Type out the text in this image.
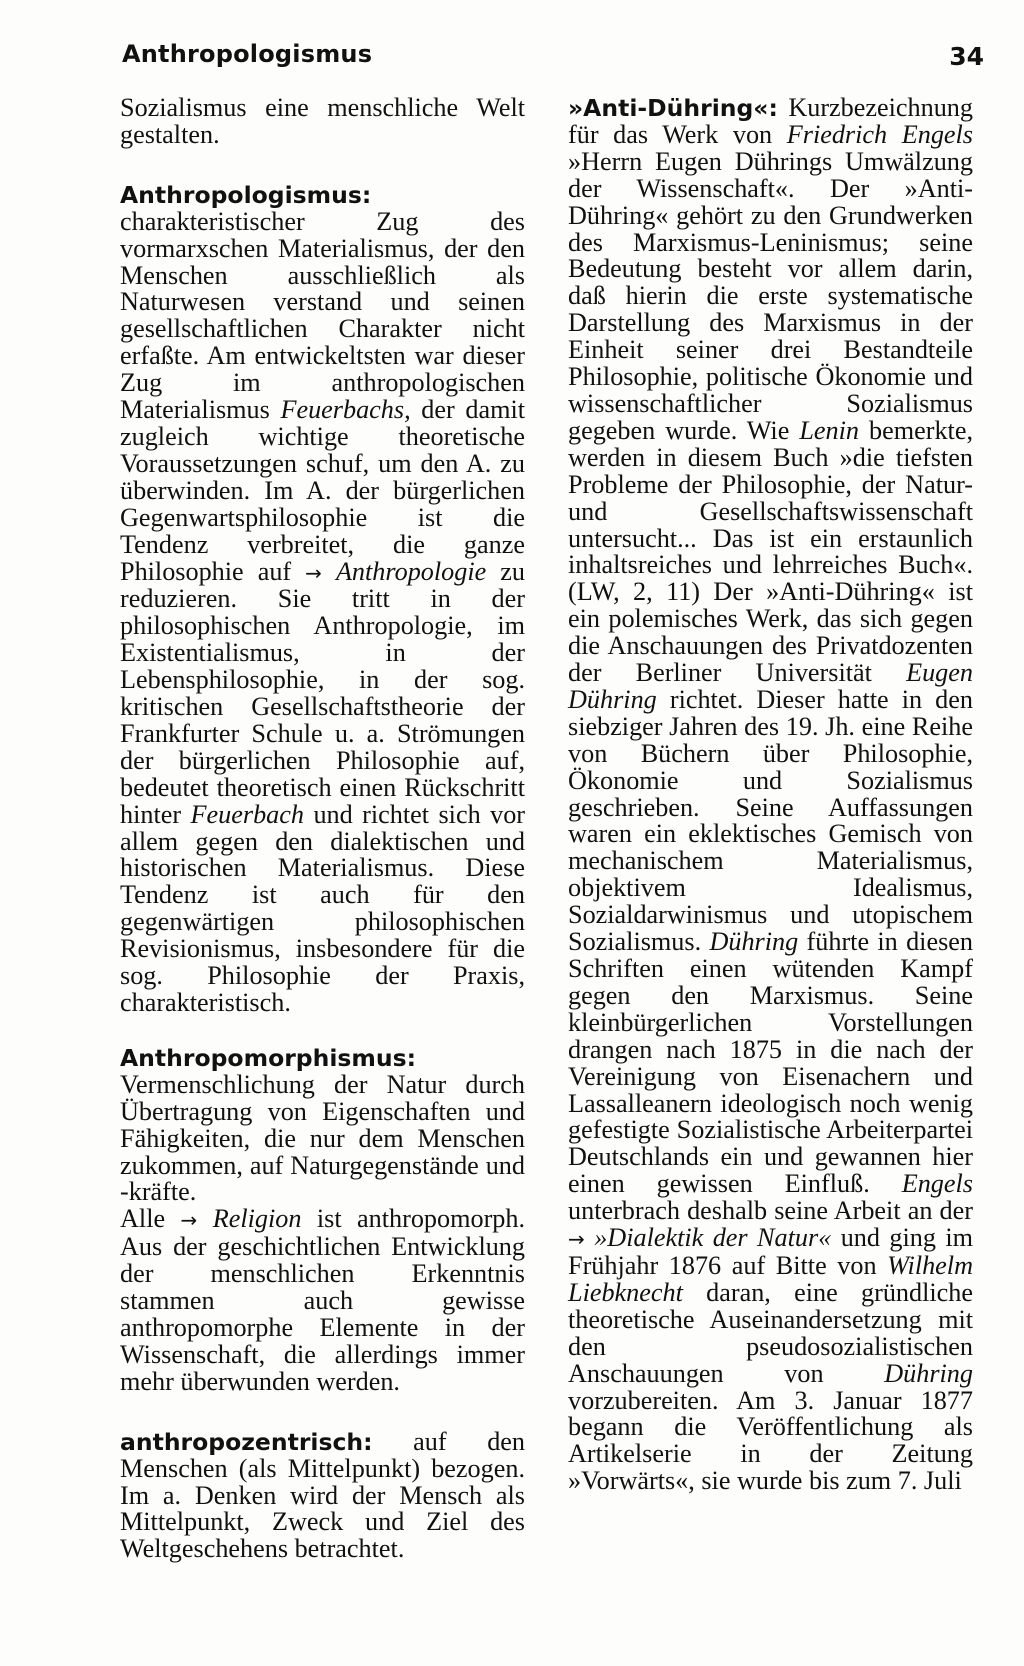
Anthropologismus	34

Sozialismus eine menschliche Welt gestalten.

Anthropologismus: charakteristischer Zug des vormarxschen Materialismus, der den Menschen ausschließlich als Naturwesen verstand und seinen gesellschaftlichen Charakter nicht erfaßte. Am entwickeltsten war dieser Zug im anthropologischen Materialismus Feuerbachs, der damit zugleich wichtige theoretische Voraussetzungen schuf, um den A. zu überwinden. Im A. der bürgerlichen Gegenwartsphilosophie ist die Tendenz verbreitet, die ganze Philosophie auf → Anthropologie zu reduzieren. Sie tritt in der philosophischen Anthropologie, im Existentialismus, in der Lebensphilosophie, in der sog. kritischen Gesellschaftstheorie der Frankfurter Schule u. a. Strömungen der bürgerlichen Philosophie auf, bedeutet theoretisch einen Rückschritt hinter Feuerbach und richtet sich vor allem gegen den dialektischen und historischen Materialismus. Diese Tendenz ist auch für den gegenwärtigen philosophischen Revisionismus, insbesondere für die sog. Philosophie der Praxis, charakteristisch.

Anthropomorphismus: Vermenschlichung der Natur durch Übertragung von Eigenschaften und Fähigkeiten, die nur dem Menschen zukommen, auf Naturgegenstände und -kräfte.

Alle → Religion ist anthropomorph. Aus der geschichtlichen Entwicklung der menschlichen Erkenntnis stammen auch gewisse anthropomorphe Elemente in der Wissenschaft, die allerdings immer mehr überwunden werden.

anthropozentrisch: auf den Menschen (als Mittelpunkt) bezogen. Im a. Denken wird der Mensch als Mittelpunkt, Zweck und Ziel des Weltgeschehens betrachtet.

»Anti-Dühring«: Kurzbezeichnung für das Werk von Friedrich Engels »Herrn Eugen Dührings Umwälzung der Wissenschaft«. Der »Anti-Dühring« gehört zu den Grundwerken des Marxismus-Leninismus; seine Bedeutung besteht vor allem darin, daß hierin die erste systematische Darstellung des Marxismus in der Einheit seiner drei Bestandteile Philosophie, politische Ökonomie und wissenschaftlicher Sozialismus gegeben wurde. Wie Lenin bemerkte, werden in diesem Buch »die tiefsten Probleme der Philosophie, der Natur- und Gesellschaftswissenschaft untersucht... Das ist ein erstaunlich inhaltsreiches und lehrreiches Buch«. (LW, 2, 11) Der »Anti-Dühring« ist ein polemisches Werk, das sich gegen die Anschauungen des Privatdozenten der Berliner Universität Eugen Dühring richtet. Dieser hatte in den siebziger Jahren des 19. Jh. eine Reihe von Büchern über Philosophie, Ökonomie und Sozialismus geschrieben. Seine Auffassungen waren ein eklektisches Gemisch von mechanischem Materialismus, objektivem Idealismus, Sozialdarwinismus und utopischem Sozialismus. Dühring führte in diesen Schriften einen wütenden Kampf gegen den Marxismus. Seine kleinbürgerlichen Vorstellungen drangen nach 1875 in die nach der Vereinigung von Eisenachern und Lassalleanern ideologisch noch wenig gefestigte Sozialistische Arbeiterpartei Deutschlands ein und gewannen hier einen gewissen Einfluß. Engels unterbrach deshalb seine Arbeit an der → »Dialektik der Natur« und ging im Frühjahr 1876 auf Bitte von Wilhelm Liebknecht daran, eine gründliche theoretische Auseinandersetzung mit den pseudosozialistischen Anschauungen von Dühring vorzubereiten. Am 3. Januar 1877 begann die Veröffentlichung als Artikelserie in der Zeitung »Vorwärts«, sie wurde bis zum 7. Juli
